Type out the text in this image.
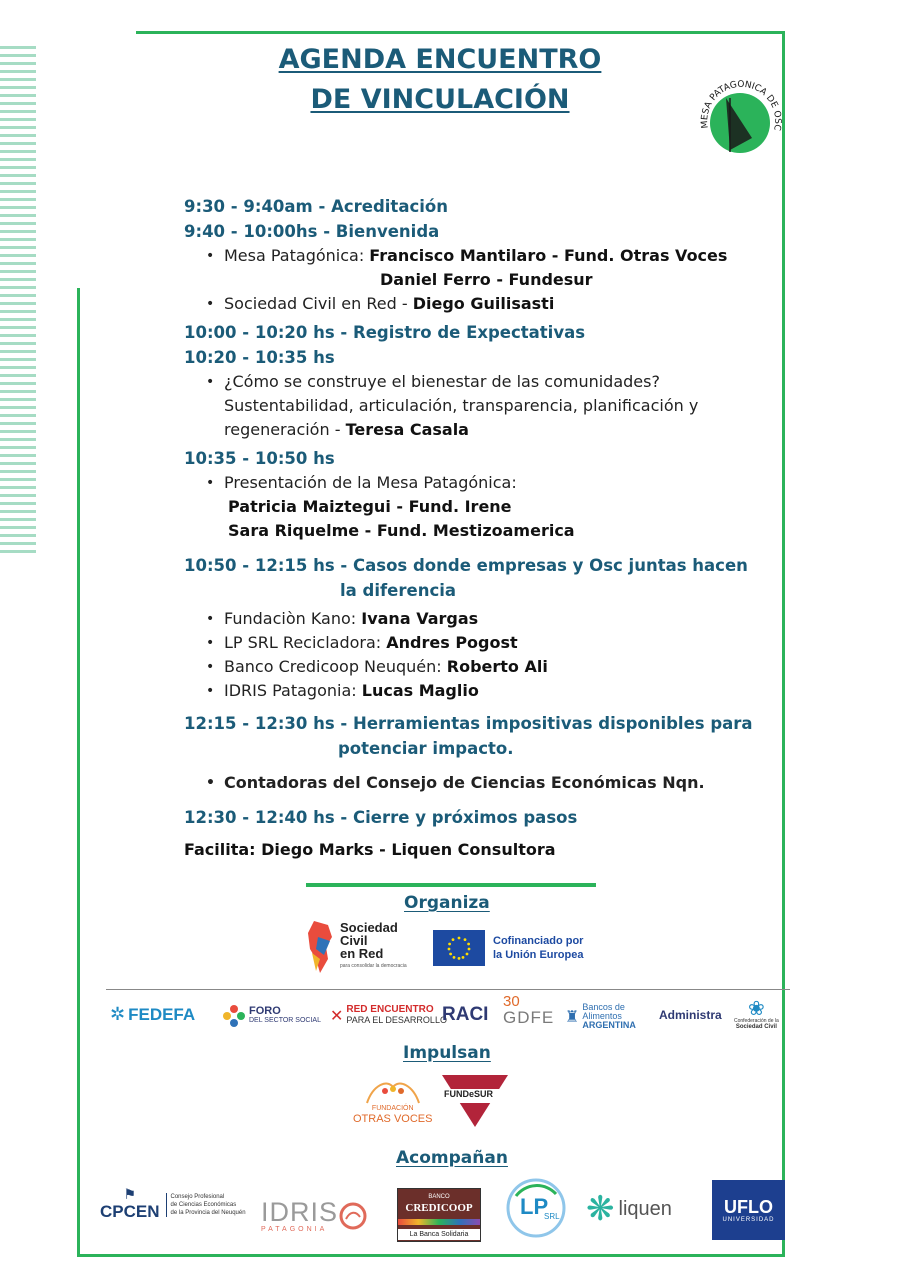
AGENDA ENCUENTRO
DE VINCULACIÓN
MESA PATAGONICA DE OSC
9:30 - 9:40am - Acreditación
9:40 - 10:00hs - Bienvenida
• Mesa Patagónica: Francisco Mantilaro - Fund. Otras Voces
Daniel Ferro - Fundesur
• Sociedad Civil en Red - Diego Guilisasti
10:00 - 10:20 hs - Registro de Expectativas
10:20 - 10:35 hs
• ¿Cómo se construye el bienestar de las comunidades?
Sustentabilidad, articulación, transparencia, planificación y
regeneración - Teresa Casala
10:35 - 10:50 hs
• Presentación de la Mesa Patagónica:
Patricia Maiztegui - Fund. Irene
Sara Riquelme - Fund. Mestizoamerica
10:50 - 12:15 hs - Casos donde empresas y Osc juntas hacen
la diferencia
• Fundaciòn Kano: Ivana Vargas
• LP SRL Recicladora: Andres Pogost
• Banco Credicoop Neuquén: Roberto Ali
• IDRIS Patagonia: Lucas Maglio
12:15 - 12:30 hs - Herramientas impositivas disponibles para
potenciar impacto.
• Contadoras del Consejo de Ciencias Económicas Nqn.
12:30 - 12:40 hs - Cierre y próximos pasos
Facilita: Diego Marks - Liquen Consultora
Organiza
Sociedad
Civil
en Red
para consolidar la democracia
Cofinanciado por
la Unión Europea
✲ FEDEFA	FORO
DEL SECTOR SOCIAL ✕ RED ENCUENTRO
PARA EL DESARROLLO
RACI
30
GDFE ♜ Bancos de
Alimentos
ARGENTINA
Administra ❀
Confederación de la
Sociedad Civil
Impulsan
FUNDACIÓN
OTRAS VOCES
FUNDeSUR
Acompañan
⚑
CPCEN
Consejo Profesional
de Ciencias Económicas
de la Provincia del Neuquén IDRIS
PATAGONIA
BANCO
CREDICOOP
La Banca Solidaria
LP
SRL ❋ liquen	UFLO
UNIVERSIDAD
